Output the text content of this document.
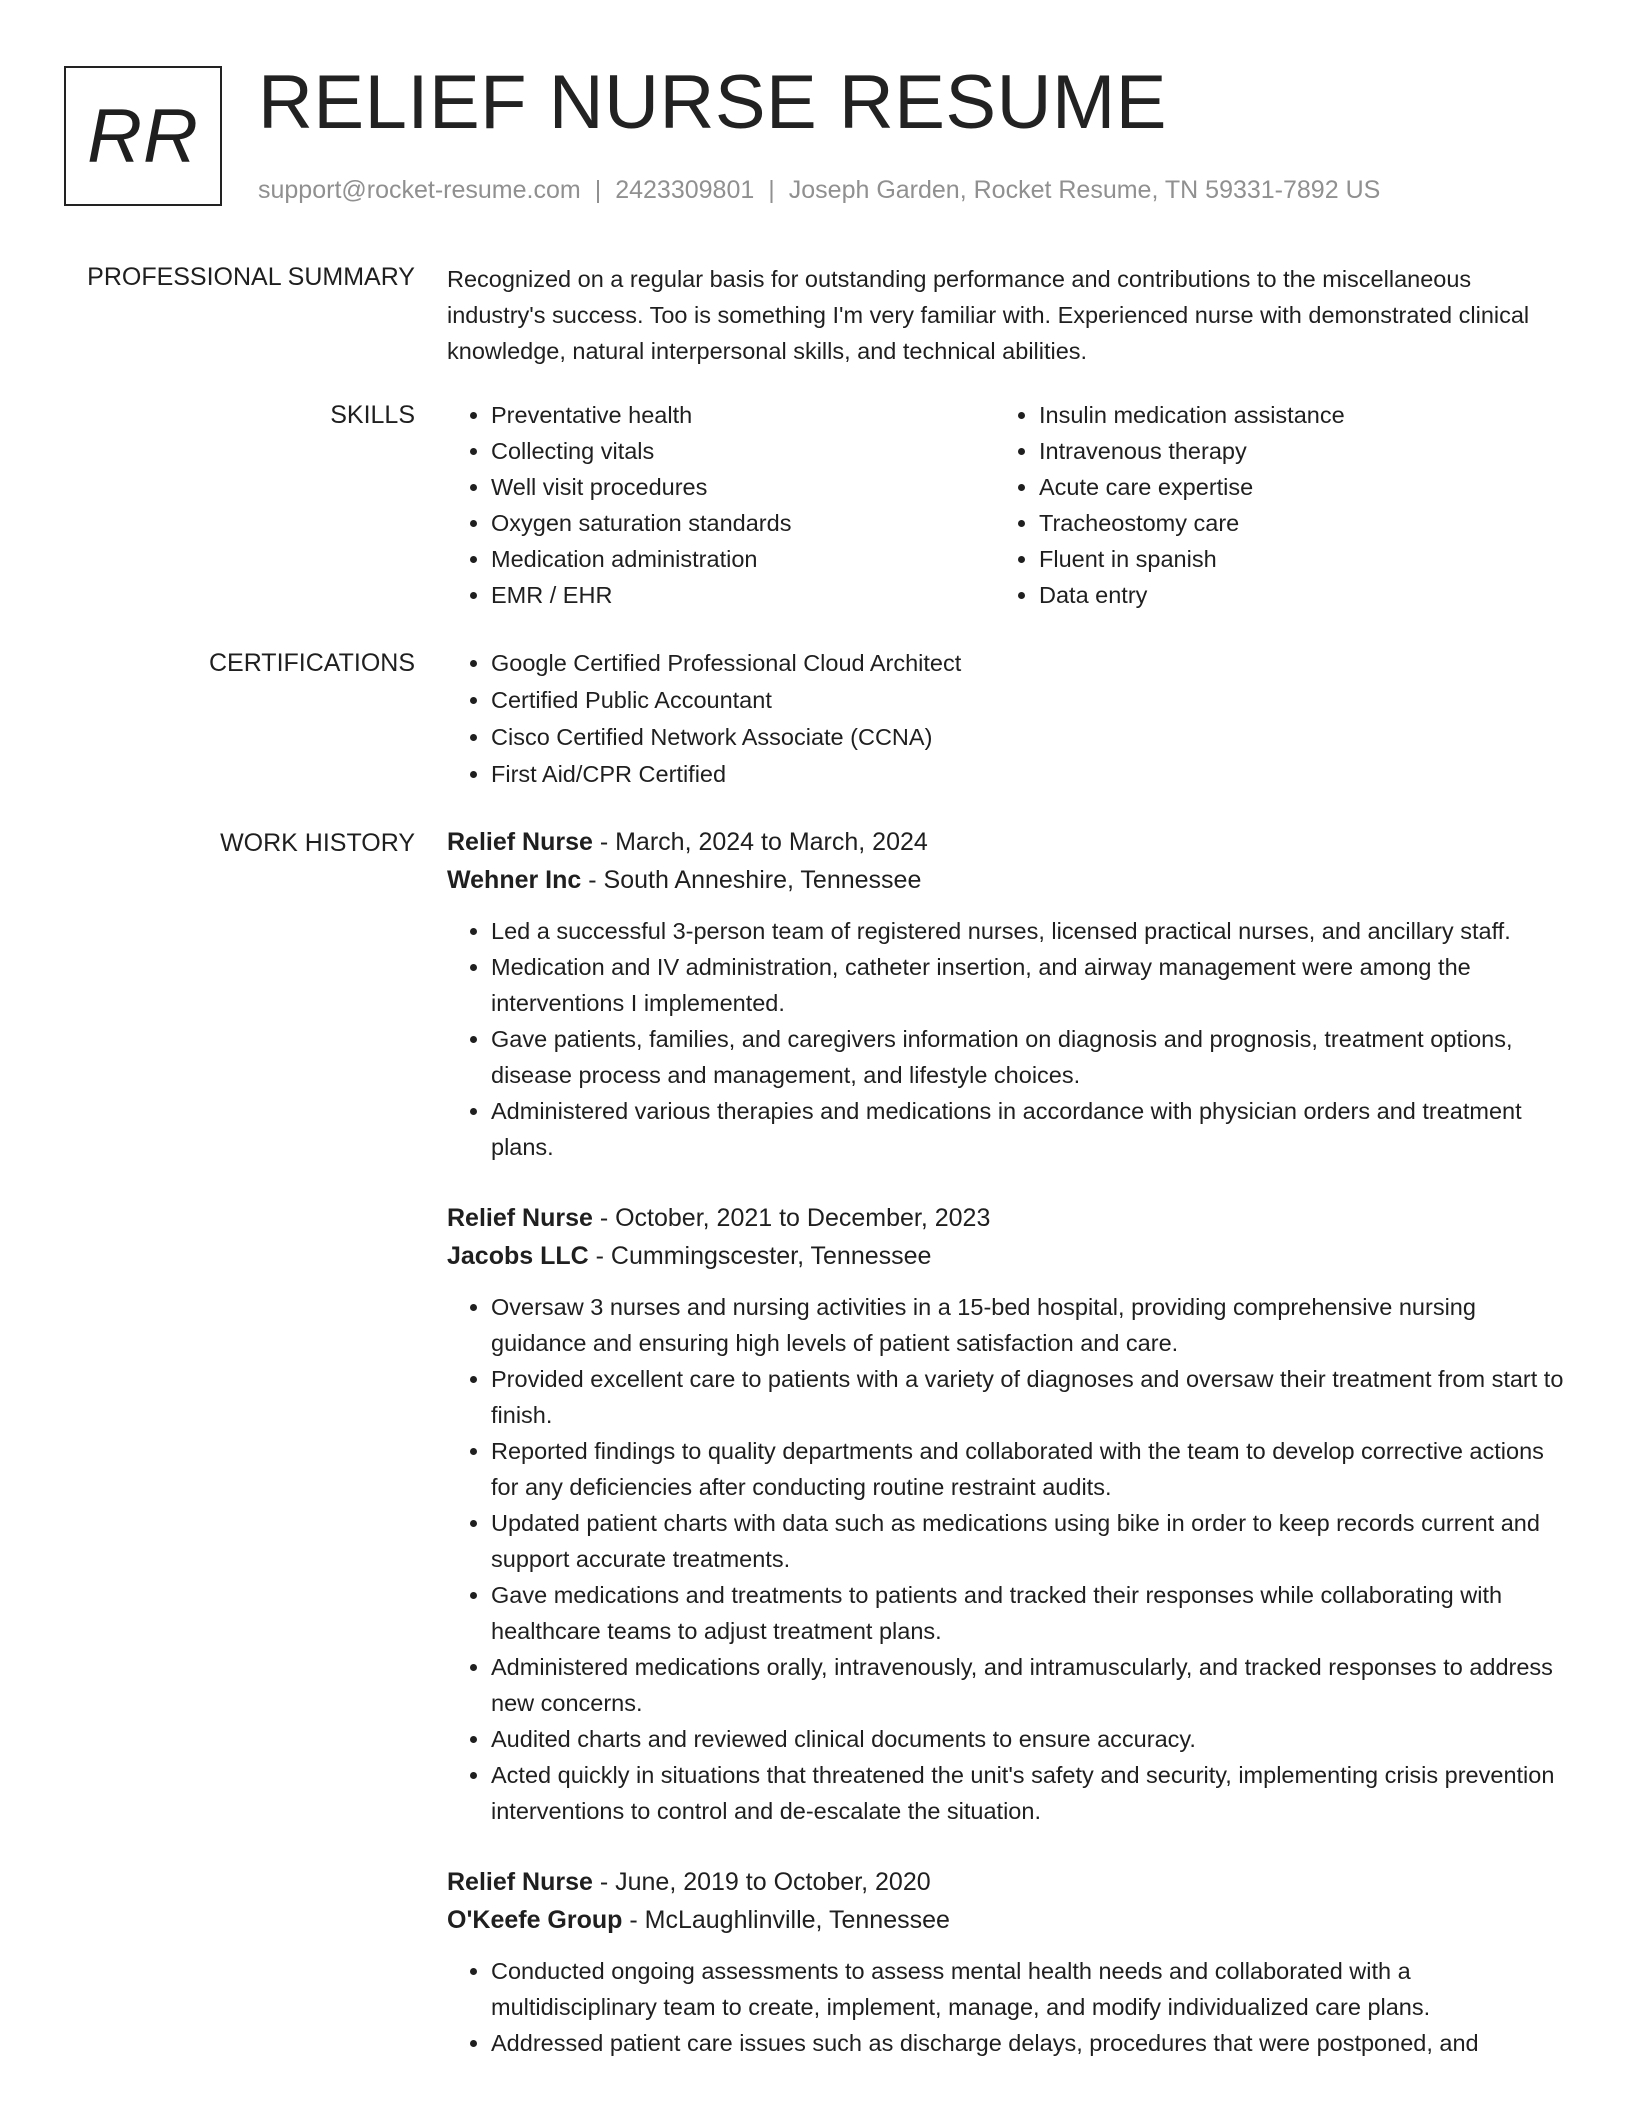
RR RELIEF NURSE RESUME
support@rocket-resume.com | 2423309801 | Joseph Garden, Rocket Resume, TN 59331-7892 US
PROFESSIONAL SUMMARY Recognized on a regular basis for outstanding performance and contributions to the miscellaneous industry's success. Too is something I'm very familiar with. Experienced nurse with demonstrated clinical knowledge, natural interpersonal skills, and technical abilities.
SKILLS	• Preventative health
• Collecting vitals
• Well visit procedures
• Oxygen saturation standards
• Medication administration
• EMR / EHR
• Insulin medication assistance
• Intravenous therapy
• Acute care expertise
• Tracheostomy care
• Fluent in spanish
• Data entry
CERTIFICATIONS	• Google Certified Professional Cloud Architect
• Certified Public Accountant
• Cisco Certified Network Associate (CCNA)
• First Aid/CPR Certified
WORK HISTORY Relief Nurse - March, 2024 to March, 2024
Wehner Inc - South Anneshire, Tennessee
• Led a successful 3-person team of registered nurses, licensed practical nurses, and ancillary staff.
• Medication and IV administration, catheter insertion, and airway management were among the interventions I implemented.
• Gave patients, families, and caregivers information on diagnosis and prognosis, treatment options, disease process and management, and lifestyle choices.
• Administered various therapies and medications in accordance with physician orders and treatment plans.
Relief Nurse - October, 2021 to December, 2023
Jacobs LLC - Cummingscester, Tennessee
• Oversaw 3 nurses and nursing activities in a 15-bed hospital, providing comprehensive nursing guidance and ensuring high levels of patient satisfaction and care.
• Provided excellent care to patients with a variety of diagnoses and oversaw their treatment from start to finish.
• Reported findings to quality departments and collaborated with the team to develop corrective actions for any deficiencies after conducting routine restraint audits.
• Updated patient charts with data such as medications using bike in order to keep records current and support accurate treatments.
• Gave medications and treatments to patients and tracked their responses while collaborating with healthcare teams to adjust treatment plans.
• Administered medications orally, intravenously, and intramuscularly, and tracked responses to address new concerns.
• Audited charts and reviewed clinical documents to ensure accuracy.
• Acted quickly in situations that threatened the unit's safety and security, implementing crisis prevention interventions to control and de-escalate the situation.
Relief Nurse - June, 2019 to October, 2020
O'Keefe Group - McLaughlinville, Tennessee
• Conducted ongoing assessments to assess mental health needs and collaborated with a multidisciplinary team to create, implement, manage, and modify individualized care plans.
• Addressed patient care issues such as discharge delays, procedures that were postponed, and
